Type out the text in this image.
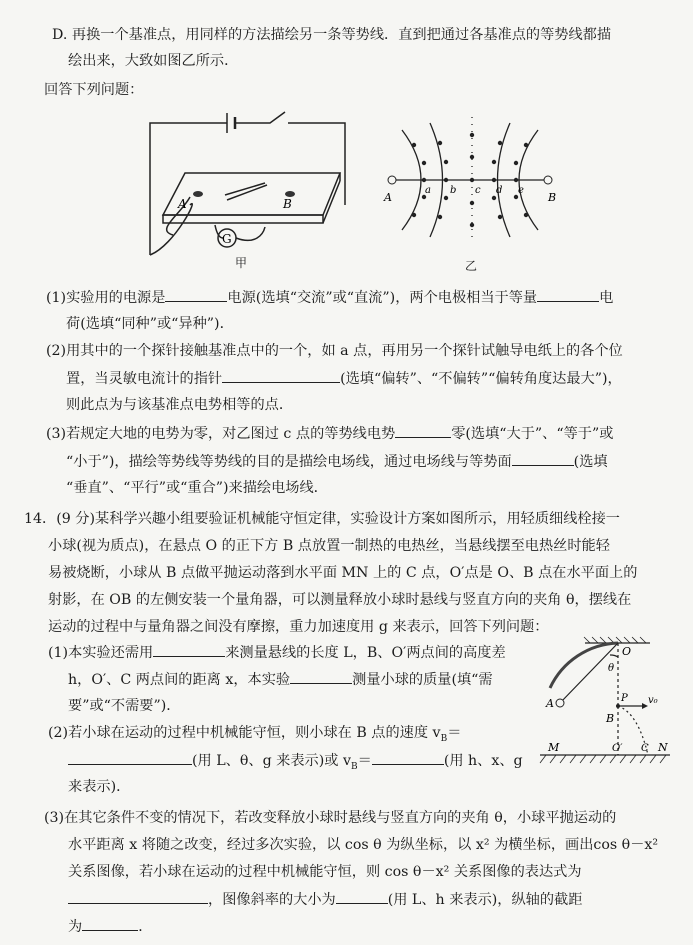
D. 再换一个基准点，用同样的方法描绘另一条等势线．直到把通过各基准点的等势线都描
绘出来，大致如图乙所示．
回答下列问题：
A	B
G
甲
A	B
a b c d e
乙
(1)实验用的电源是	电源(选填“交流”或“直流”)，两个电极相当于等量	电
荷(选填“同种”或“异种”)．
(2)用其中的一个探针接触基准点中的一个，如 a 点，再用另一个探针试触导电纸上的各个位
置，当灵敏电流计的指针	(选填“偏转”、“不偏转”“偏转角度达最大”)，
则此点为与该基准点电势相等的点．
(3)若规定大地的电势为零，对乙图过 c 点的等势线电势	零(选填“大于”、“等于”或
“小于”)，描绘等势线等势线的目的是描绘电场线，通过电场线与等势面	(选填
“垂直”、“平行”或“重合”)来描绘电场线．
14．(9 分)某科学兴趣小组要验证机械能守恒定律，实验设计方案如图所示，用轻质细线栓接一
小球(视为质点)，在悬点 O 的正下方 B 点放置一制热的电热丝，当悬线摆至电热丝时能轻
易被烧断，小球从 B 点做平抛运动落到水平面 MN 上的 C 点，O′点是 O、B 点在水平面上的
射影，在 OB 的左侧安装一个量角器，可以测量释放小球时悬线与竖直方向的夹角 θ，摆线在
运动的过程中与量角器之间没有摩擦，重力加速度用 g 来表示，回答下列问题：
(1)本实验还需用	来测量悬线的长度 L，B、O′两点间的高度差
h，O′、C 两点间的距离 x，本实验	测量小球的质量(填“需
要”或“不需要”)．
(2)若小球在运动的过程中机械能守恒，则小球在 B 点的速度 $v_B=$
(用 L、θ、g 来表示)或 $v_B=$	(用 h、x、g
来表示)．
O
θ
A
B
P v₀
M	O′ C N
(3)在其它条件不变的情况下，若改变释放小球时悬线与竖直方向的夹角 θ，小球平抛运动的
水平距离 x 将随之改变，经过多次实验，以 cos θ 为纵坐标，以 x² 为横坐标，画出cos θ－x²
关系图像，若小球在运动的过程中机械能守恒，则 cos θ－x² 关系图像的表达式为
，图像斜率的大小为	(用 L、h 来表示)，纵轴的截距
为	．
